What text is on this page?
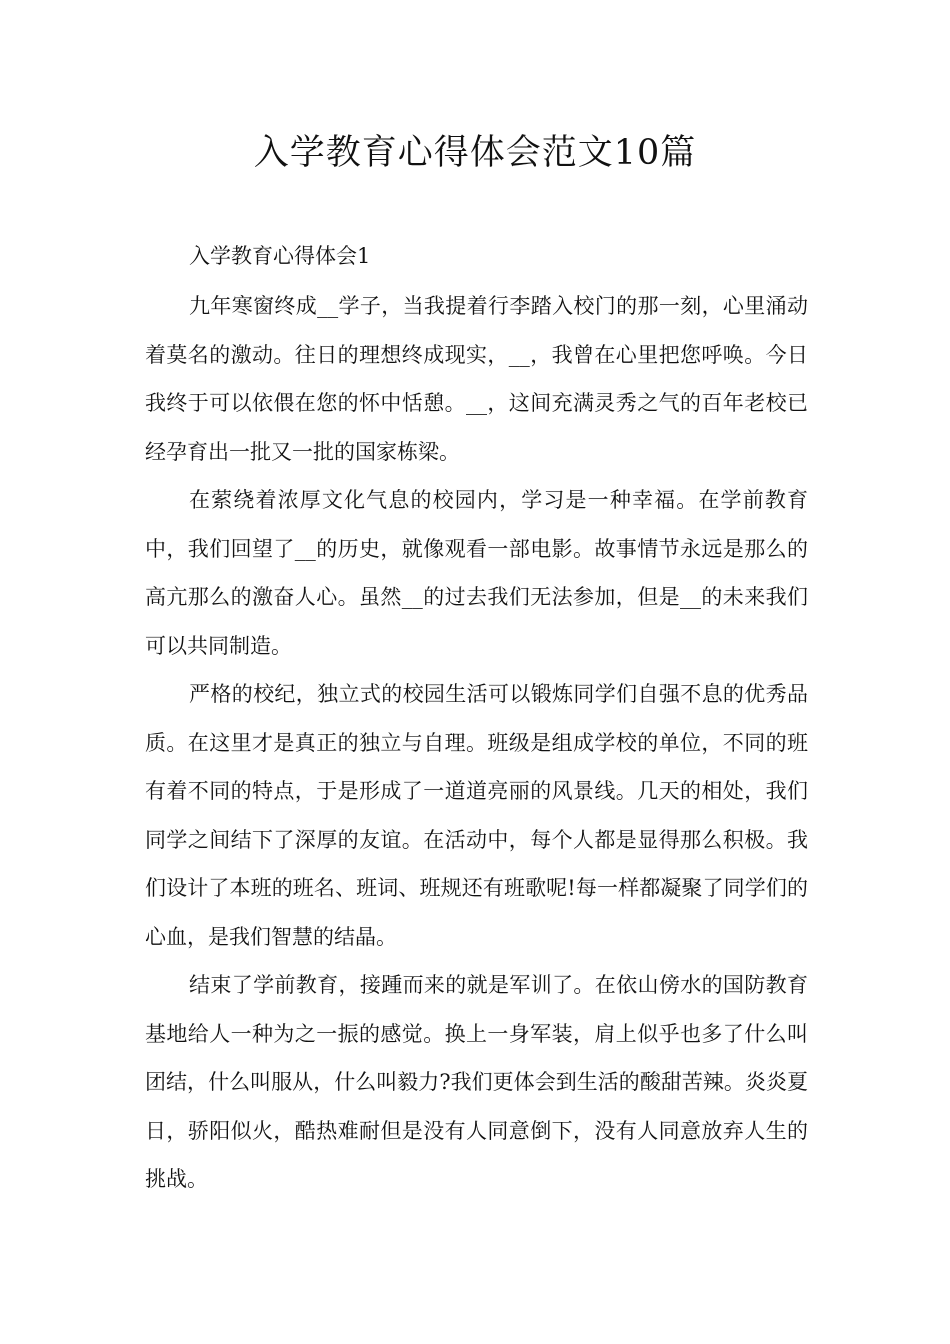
入学教育心得体会范文10篇

入学教育心得体会1

九年寒窗终成__学子，当我提着行李踏入校门的那一刻，心里涌动着莫名的激动。往日的理想终成现实，__，我曾在心里把您呼唤。今日我终于可以依偎在您的怀中恬憩。__，这间充满灵秀之气的百年老校已经孕育出一批又一批的国家栋梁。

在萦绕着浓厚文化气息的校园内，学习是一种幸福。在学前教育中，我们回望了__的历史，就像观看一部电影。故事情节永远是那么的高亢那么的激奋人心。虽然__的过去我们无法参加，但是__的未来我们可以共同制造。

严格的校纪，独立式的校园生活可以锻炼同学们自强不息的优秀品质。在这里才是真正的独立与自理。班级是组成学校的单位，不同的班有着不同的特点，于是形成了一道道亮丽的风景线。几天的相处，我们同学之间结下了深厚的友谊。在活动中，每个人都是显得那么积极。我们设计了本班的班名、班词、班规还有班歌呢!每一样都凝聚了同学们的心血，是我们智慧的结晶。

结束了学前教育，接踵而来的就是军训了。在依山傍水的国防教育基地给人一种为之一振的感觉。换上一身军装，肩上似乎也多了什么叫团结，什么叫服从，什么叫毅力?我们更体会到生活的酸甜苦辣。炎炎夏日，骄阳似火，酷热难耐但是没有人同意倒下，没有人同意放弃人生的挑战。
